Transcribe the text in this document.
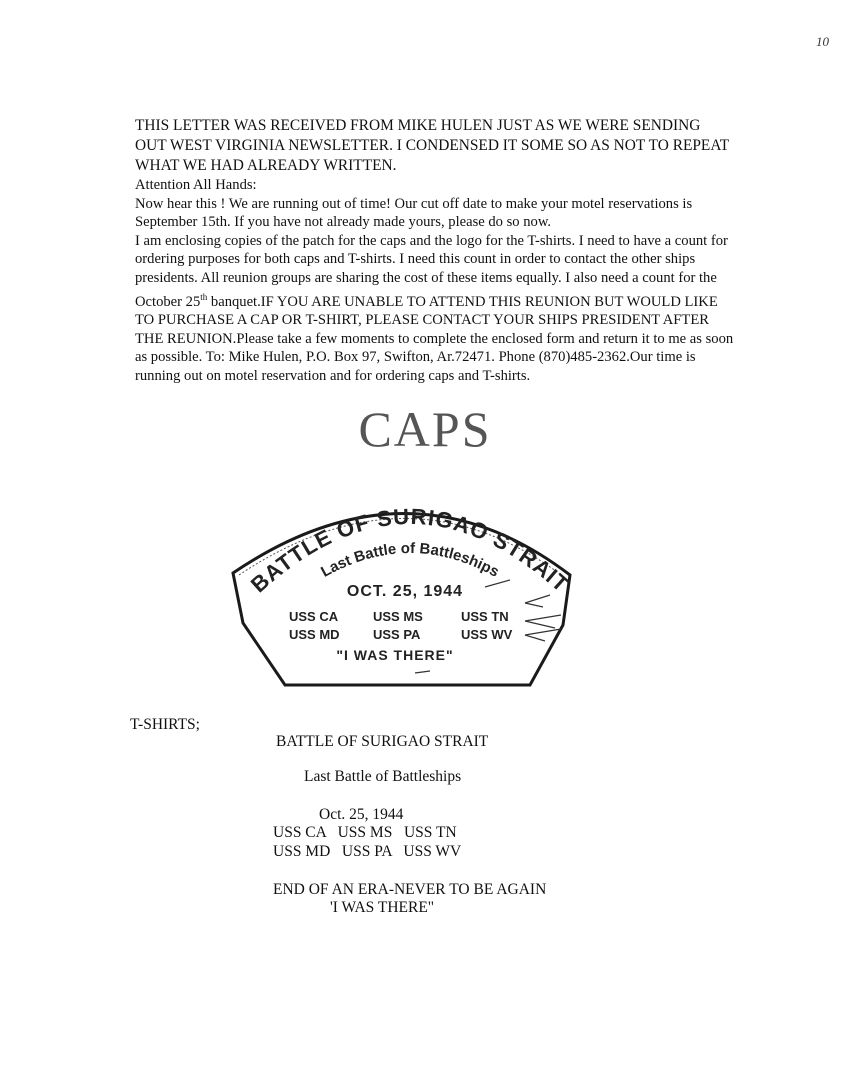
10

THIS LETTER WAS RECEIVED FROM MIKE HULEN JUST AS WE WERE SENDING OUT WEST VIRGINIA NEWSLETTER. I CONDENSED IT SOME SO AS NOT TO REPEAT WHAT WE HAD ALREADY WRITTEN.

Attention All Hands:

Now hear this ! We are running out of time! Our cut off date to make your motel reservations is September 15th. If you have not already made yours, please do so now.

I am enclosing copies of the patch for the caps and the logo for the T-shirts. I need to have a count for ordering purposes for both caps and T-shirts. I need this count in order to contact the other ships presidents. All reunion groups are sharing the cost of these items equally. I also need a count for the October 25th banquet.IF YOU ARE UNABLE TO ATTEND THIS REUNION BUT WOULD LIKE TO PURCHASE A CAP OR T-SHIRT, PLEASE CONTACT YOUR SHIPS PRESIDENT AFTER THE REUNION.Please take a few moments to complete the enclosed form and return it to me as soon as possible. To: Mike Hulen, P.O. Box 97, Swifton, Ar.72471. Phone (870)485-2362.Our time is running out on motel reservation and for ordering caps and T-shirts.

CAPS
BATTLE OF SURIGAO STRAIT
Last Battle of Battleships
OCT. 25, 1944
USS CA	USS MS	USS TN
USS MD	USS PA	USS WV
"I WAS THERE"
T-SHIRTS;
BATTLE OF SURIGAO STRAIT
Last Battle of Battleships
Oct. 25, 1944
USS CA   USS MS   USS TN
USS MD   USS PA   USS WV
END OF AN ERA-NEVER TO BE AGAIN
'I WAS THERE"
